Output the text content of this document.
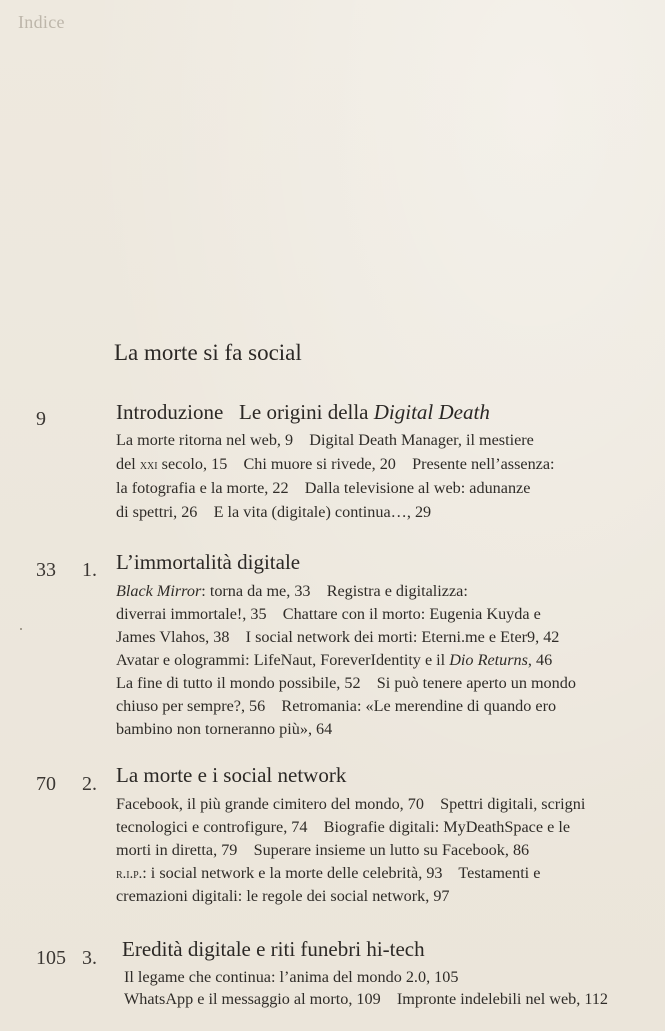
Indice
La morte si fa social
9	Introduzione   Le origini della Digital Death
La morte ritorna nel web, 9    Digital Death Manager, il mestiere
del xxi secolo, 15    Chi muore si rivede, 20    Presente nell’assenza:
la fotografia e la morte, 22    Dalla televisione al web: adunanze
di spettri, 26    E la vita (digitale) continua…, 29
33 1. L’immortalità digitale
Black Mirror: torna da me, 33    Registra e digitalizza:
diverrai immortale!, 35    Chattare con il morto: Eugenia Kuyda e
James Vlahos, 38    I social network dei morti: Eterni.me e Eter9, 42
Avatar e ologrammi: LifeNaut, ForeverIdentity e il Dio Returns, 46
La fine di tutto il mondo possibile, 52    Si può tenere aperto un mondo
chiuso per sempre?, 56    Retromania: «Le merendine di quando ero
bambino non torneranno più», 64
70 2. La morte e i social network
Facebook, il più grande cimitero del mondo, 70    Spettri digitali, scrigni
tecnologici e controfigure, 74    Biografie digitali: MyDeathSpace e le
morti in diretta, 79    Superare insieme un lutto su Facebook, 86
r.i.p.: i social network e la morte delle celebrità, 93    Testamenti e
cremazioni digitali: le regole dei social network, 97
105 3. Eredità digitale e riti funebri hi-tech
Il legame che continua: l’anima del mondo 2.0, 105
WhatsApp e il messaggio al morto, 109    Impronte indelebili nel web, 112
